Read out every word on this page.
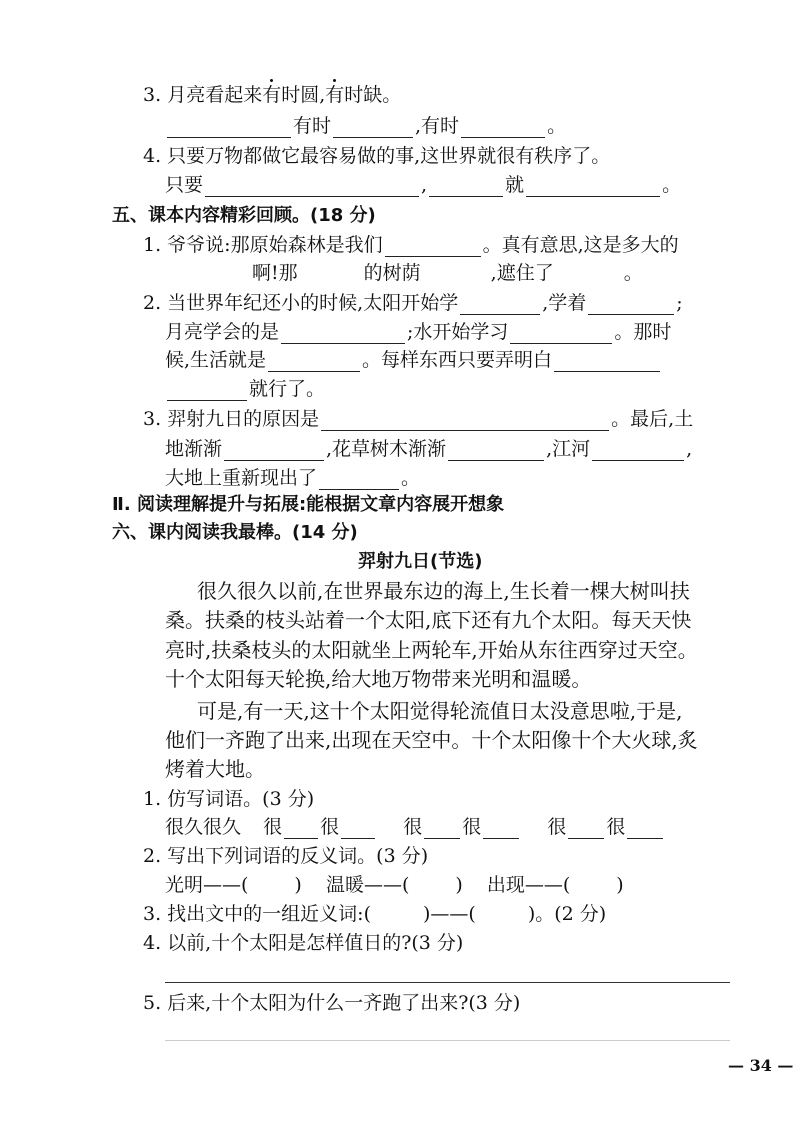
3. 月亮看起来有时圆,有时缺。
有时	,有时	。
4. 只要万物都做它最容易做的事,这世界就很有秩序了。
只要	,	就	。
五、课本内容精彩回顾。(18 分)
1. 爷爷说:那原始森林是我们	。真有意思,这是多大的
啊!那	的树荫	,遮住了	。
2. 当世界年纪还小的时候,太阳开始学	,学着	;
月亮学会的是	;水开始学习	。那时
候,生活就是	。每样东西只要弄明白
就行了。
3. 羿射九日的原因是	。最后,土
地渐渐	,花草树木渐渐	,江河	,
大地上重新现出了	。
Ⅱ. 阅读理解提升与拓展:能根据文章内容展开想象
六、课内阅读我最棒。(14 分)
羿射九日(节选)
很久很久以前,在世界最东边的海上,生长着一棵大树叫扶
桑。扶桑的枝头站着一个太阳,底下还有九个太阳。每天天快
亮时,扶桑枝头的太阳就坐上两轮车,开始从东往西穿过天空。
十个太阳每天轮换,给大地万物带来光明和温暖。
可是,有一天,这十个太阳觉得轮流值日太没意思啦,于是,
他们一齐跑了出来,出现在天空中。十个太阳像十个大火球,炙
烤着大地。
1. 仿写词语。(3 分)
很久很久 很 很	很 很	很 很
2. 写出下列词语的反义词。(3 分)
光明——( ) 温暖——( ) 出现——( )
3. 找出文中的一组近义词:(	)——(	)。(2 分)
4. 以前,十个太阳是怎样值日的?(3 分)
5. 后来,十个太阳为什么一齐跑了出来?(3 分)
— 34 —
